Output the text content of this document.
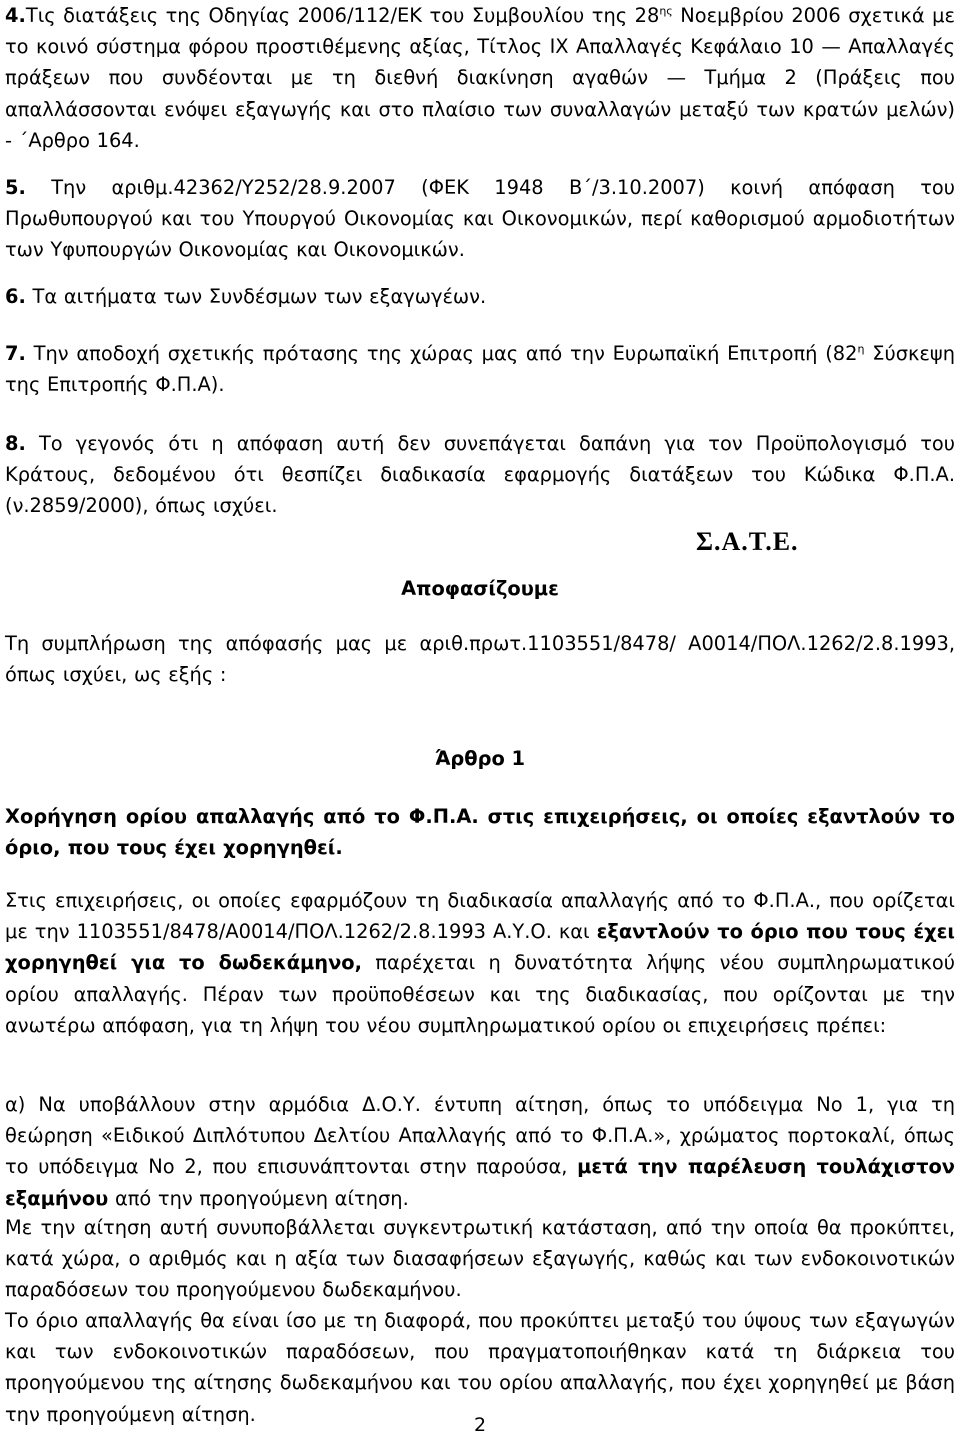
4.Τις διατάξεις της Οδηγίας 2006/112/ΕΚ του Συμβουλίου της $28^{\eta\varsigma}$ Νοεμβρίου 2006 σχετικά με το κοινό σύστημα φόρου προστιθέμενης αξίας, Τίτλος ΙΧ Απαλλαγές Κεφάλαιο 10 — Απαλλαγές πράξεων που συνδέονται με τη διεθνή διακίνηση αγαθών — Τμήμα 2 (Πράξεις που απαλλάσσονται ενόψει εξαγωγής και στο πλαίσιο των συναλλαγών μεταξύ των κρατών μελών) - ΄Αρθρο 164.

5. Την αριθμ.42362/Υ252/28.9.2007 (ΦΕΚ 1948 Β΄/3.10.2007) κοινή απόφαση του Πρωθυπουργού και του Υπουργού Οικονομίας και Οικονομικών, περί καθορισμού αρμοδιοτήτων των Υφυπουργών Οικονομίας και Οικονομικών.

6. Τα αιτήματα των Συνδέσμων των εξαγωγέων.

7. Την αποδοχή σχετικής πρότασης της χώρας μας από την Ευρωπαϊκή Επιτροπή ($82^\eta$ Σύσκεψη της Επιτροπής Φ.Π.Α).

8. Το γεγονός ότι η απόφαση αυτή δεν συνεπάγεται δαπάνη για τον Προϋπολογισμό του Κράτους, δεδομένου ότι θεσπίζει διαδικασία εφαρμογής διατάξεων του Κώδικα Φ.Π.Α. (ν.2859/2000), όπως ισχύει.

Σ.Α.Τ.Ε.
Αποφασίζουμε

Τη συμπλήρωση της απόφασής μας με αριθ.πρωτ.1103551/8478/ Α0014/ΠΟΛ.1262/2.8.1993, όπως ισχύει, ως εξής :

Άρθρο 1

Χορήγηση ορίου απαλλαγής από το Φ.Π.Α. στις επιχειρήσεις, οι οποίες εξαντλούν το όριο, που τους έχει χορηγηθεί.

Στις επιχειρήσεις, οι οποίες εφαρμόζουν τη διαδικασία απαλλαγής από το Φ.Π.Α., που ορίζεται με την 1103551/8478/Α0014/ΠΟΛ.1262/2.8.1993 Α.Υ.Ο. και εξαντλούν το όριο που τους έχει χορηγηθεί για το δωδεκάμηνο, παρέχεται η δυνατότητα λήψης νέου συμπληρωματικού ορίου απαλλαγής. Πέραν των προϋποθέσεων και της διαδικασίας, που ορίζονται με την ανωτέρω απόφαση, για τη λήψη του νέου συμπληρωματικού ορίου οι επιχειρήσεις πρέπει:

α) Να υποβάλλουν στην αρμόδια Δ.Ο.Υ. έντυπη αίτηση, όπως το υπόδειγμα Νο 1, για τη θεώρηση «Ειδικού Διπλότυπου Δελτίου Απαλλαγής από το Φ.Π.Α.», χρώματος πορτοκαλί, όπως το υπόδειγμα Νο 2, που επισυνάπτονται στην παρούσα, μετά την παρέλευση τουλάχιστον εξαμήνου από την προηγούμενη αίτηση.

Με την αίτηση αυτή συνυποβάλλεται συγκεντρωτική κατάσταση, από την οποία θα προκύπτει, κατά χώρα, ο αριθμός και η αξία των διασαφήσεων εξαγωγής, καθώς και των ενδοκοινοτικών παραδόσεων του προηγούμενου δωδεκαμήνου.

Το όριο απαλλαγής θα είναι ίσο με τη διαφορά, που προκύπτει μεταξύ του ύψους των εξαγωγών και των ενδοκοινοτικών παραδόσεων, που πραγματοποιήθηκαν κατά τη διάρκεια του προηγούμενου της αίτησης δωδεκαμήνου και του ορίου απαλλαγής, που έχει χορηγηθεί με βάση την προηγούμενη αίτηση.	2
